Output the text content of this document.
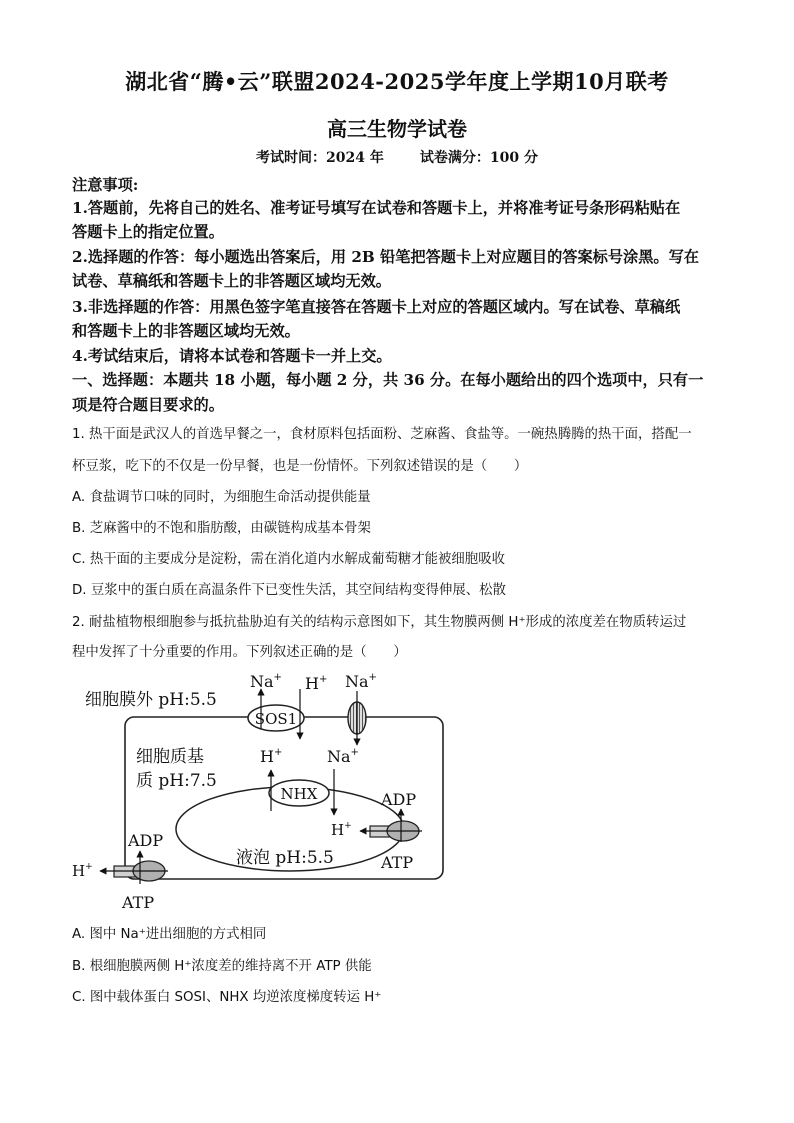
湖北省“腾•云”联盟2024-2025学年度上学期10月联考
高三生物学试卷
考试时间：2024 年	试卷满分：100 分
注意事项:
1.答题前，先将自己的姓名、准考证号填写在试卷和答题卡上，并将准考证号条形码粘贴在
答题卡上的指定位置。
2.选择题的作答：每小题选出答案后，用 2B 铅笔把答题卡上对应题目的答案标号涂黑。写在
试卷、草稿纸和答题卡上的非答题区域均无效。
3.非选择题的作答：用黑色签字笔直接答在答题卡上对应的答题区域内。写在试卷、草稿纸
和答题卡上的非答题区域均无效。
4.考试结束后，请将本试卷和答题卡一并上交。
一、选择题：本题共 18 小题，每小题 2 分，共 36 分。在每小题给出的四个选项中，只有一
项是符合题目要求的。
1. 热干面是武汉人的首选早餐之一，食材原料包括面粉、芝麻酱、食盐等。一碗热腾腾的热干面，搭配一
杯豆浆，吃下的不仅是一份早餐，也是一份情怀。下列叙述错误的是（　　）
A. 食盐调节口味的同时，为细胞生命活动提供能量
B. 芝麻酱中的不饱和脂肪酸，由碳链构成基本骨架
C. 热干面的主要成分是淀粉，需在消化道内水解成葡萄糖才能被细胞吸收
D. 豆浆中的蛋白质在高温条件下已变性失活，其空间结构变得伸展、松散
2. 耐盐植物根细胞参与抵抗盐胁迫有关的结构示意图如下，其生物膜两侧 H⁺形成的浓度差在物质转运过
程中发挥了十分重要的作用。下列叙述正确的是（　　）
细胞膜外 pH:5.5
SOS1
Na+ H+ Na+
细胞质基
质 pH:7.5
液泡 pH:5.5
NHX
H+	Na+
H+
ADP
ATP
H+
ADP
ATP
A. 图中 Na⁺进出细胞的方式相同
B. 根细胞膜两侧 H⁺浓度差的维持离不开 ATP 供能
C. 图中载体蛋白 SOSI、NHX 均逆浓度梯度转运 H⁺
